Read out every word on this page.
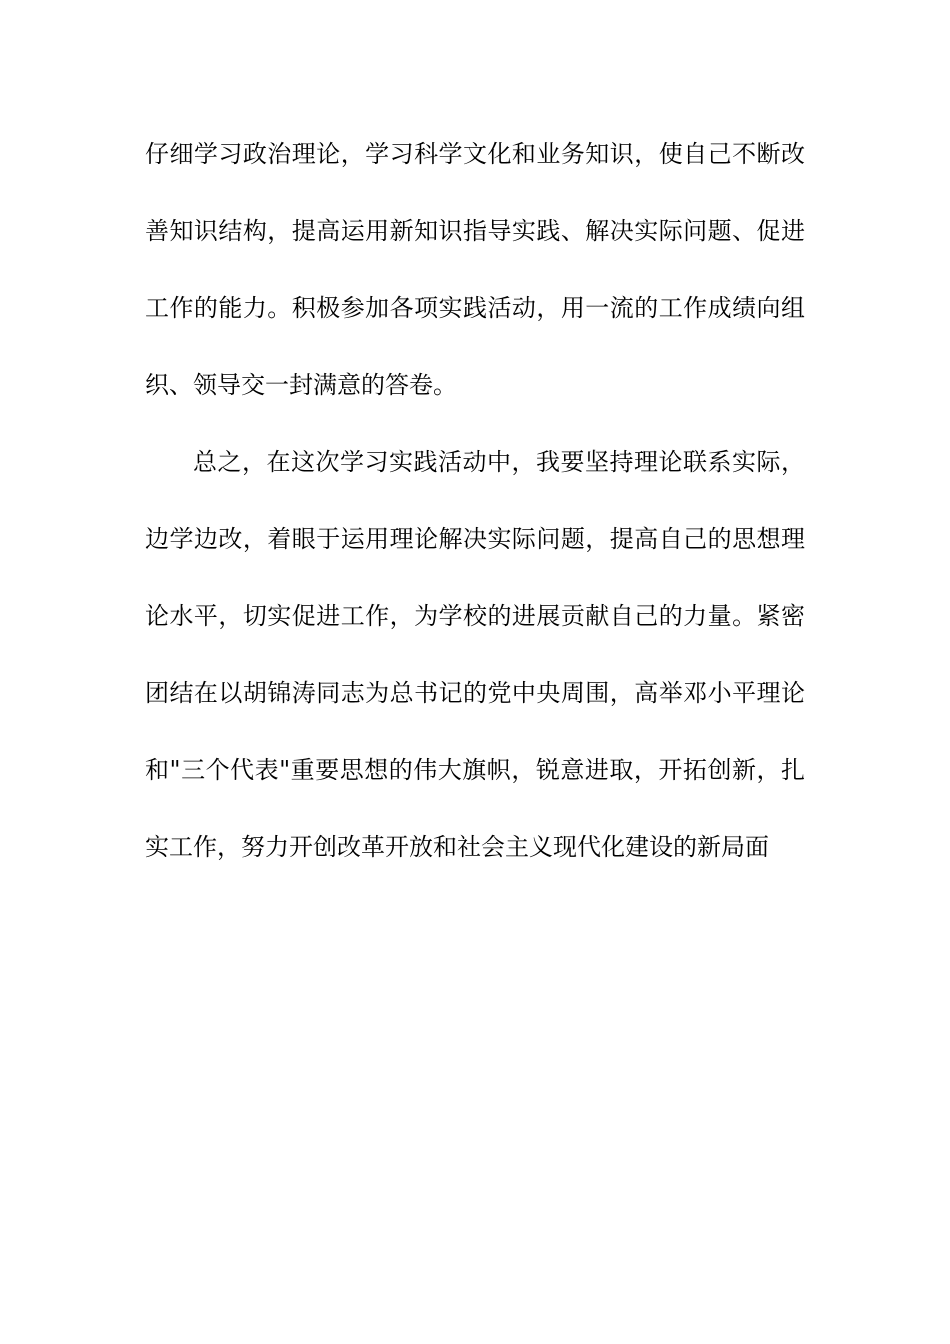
仔细学习政治理论，学习科学文化和业务知识，使自己不断改
善知识结构，提高运用新知识指导实践、解决实际问题、促进
工作的能力。积极参加各项实践活动，用一流的工作成绩向组
织、领导交一封满意的答卷。
总之，在这次学习实践活动中，我要坚持理论联系实际，
边学边改，着眼于运用理论解决实际问题，提高自己的思想理
论水平，切实促进工作，为学校的进展贡献自己的力量。紧密
团结在以胡锦涛同志为总书记的党中央周围，高举邓小平理论
和"三个代表"重要思想的伟大旗帜，锐意进取，开拓创新，扎
实工作，努力开创改革开放和社会主义现代化建设的新局面
